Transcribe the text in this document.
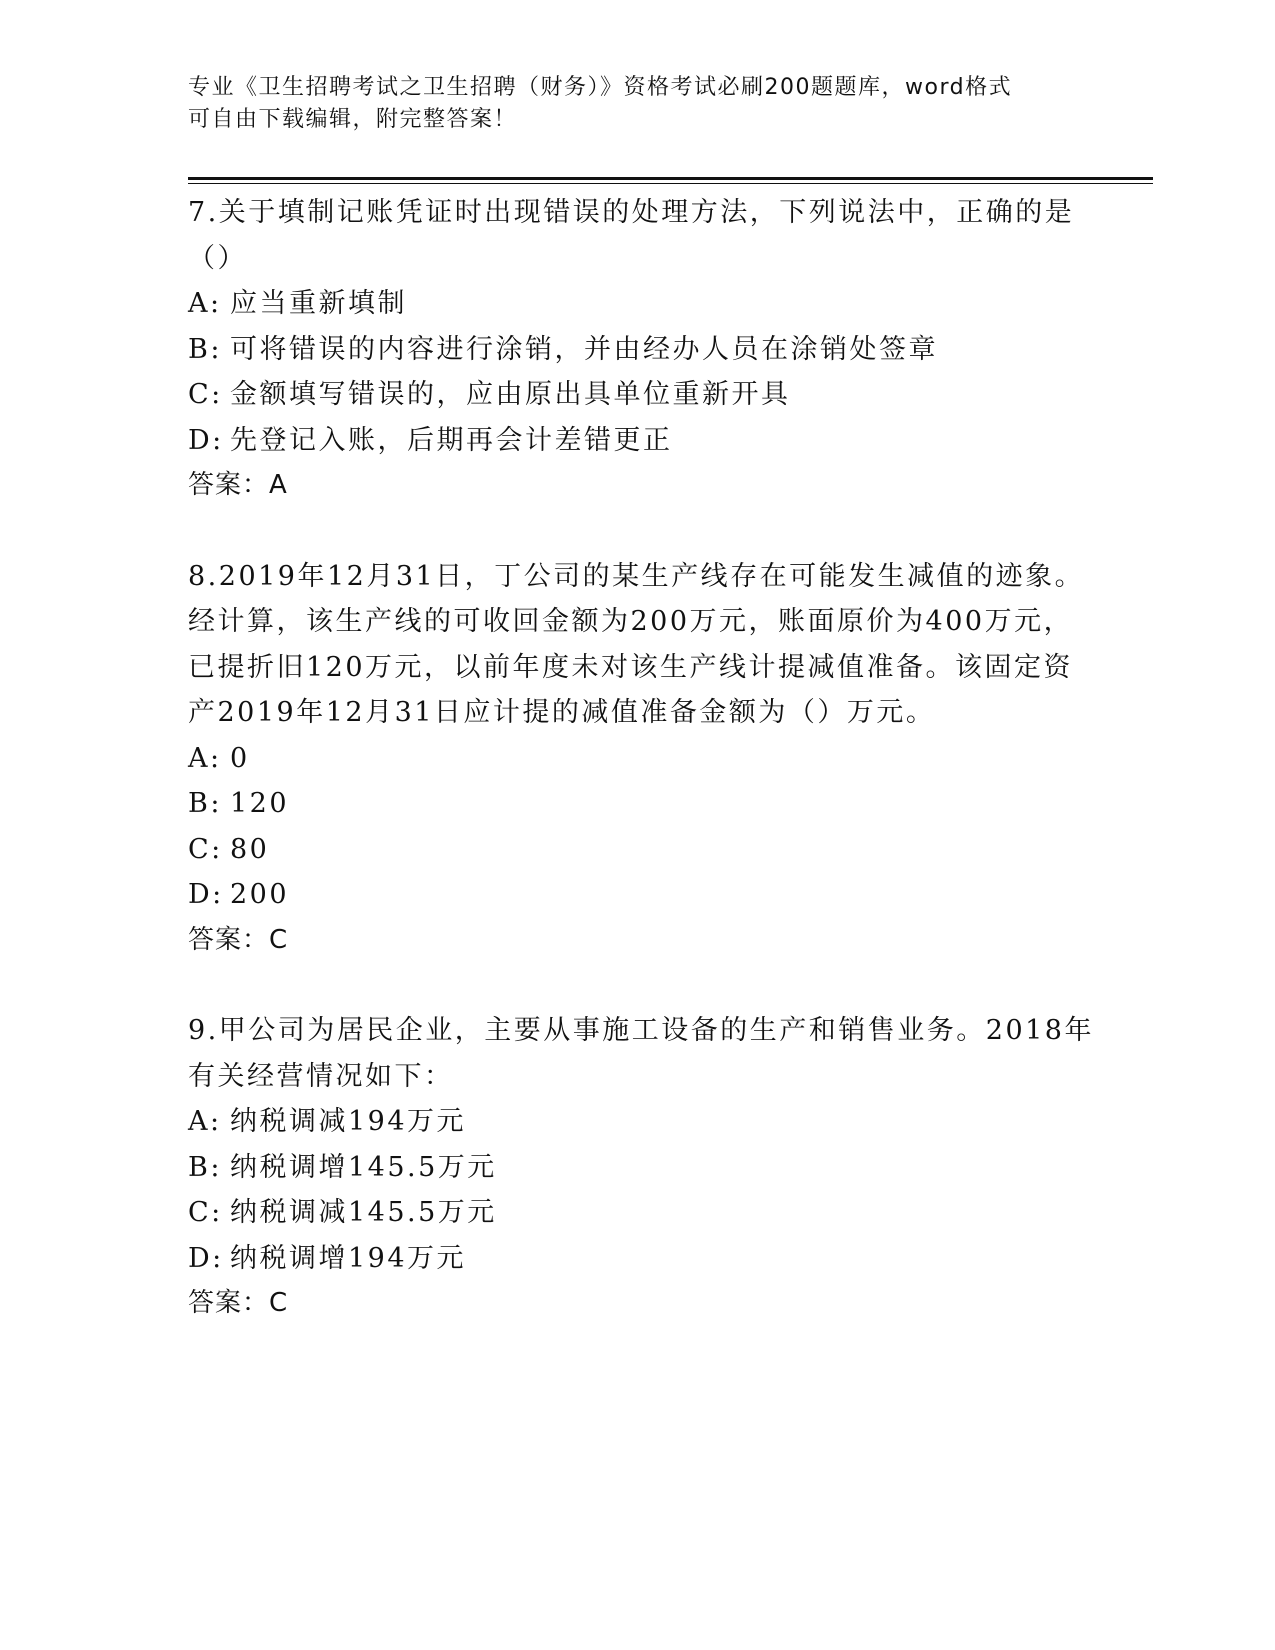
专业《卫生招聘考试之卫生招聘（财务）》资格考试必刷200题题库，word格式
可自由下载编辑，附完整答案！
7.关于填制记账凭证时出现错误的处理方法，下列说法中，正确的是
（）
A: 应当重新填制
B: 可将错误的内容进行涂销，并由经办人员在涂销处签章
C: 金额填写错误的，应由原出具单位重新开具
D: 先登记入账，后期再会计差错更正
答案：A
8.2019年12月31日，丁公司的某生产线存在可能发生减值的迹象。
经计算，该生产线的可收回金额为200万元，账面原价为400万元，
已提折旧120万元，以前年度未对该生产线计提减值准备。该固定资
产2019年12月31日应计提的减值准备金额为（）万元。
A: 0
B: 120
C: 80
D: 200
答案：C
9.甲公司为居民企业，主要从事施工设备的生产和销售业务。2018年
有关经营情况如下：
A: 纳税调减194万元
B: 纳税调增145.5万元
C: 纳税调减145.5万元
D: 纳税调增194万元
答案：C
